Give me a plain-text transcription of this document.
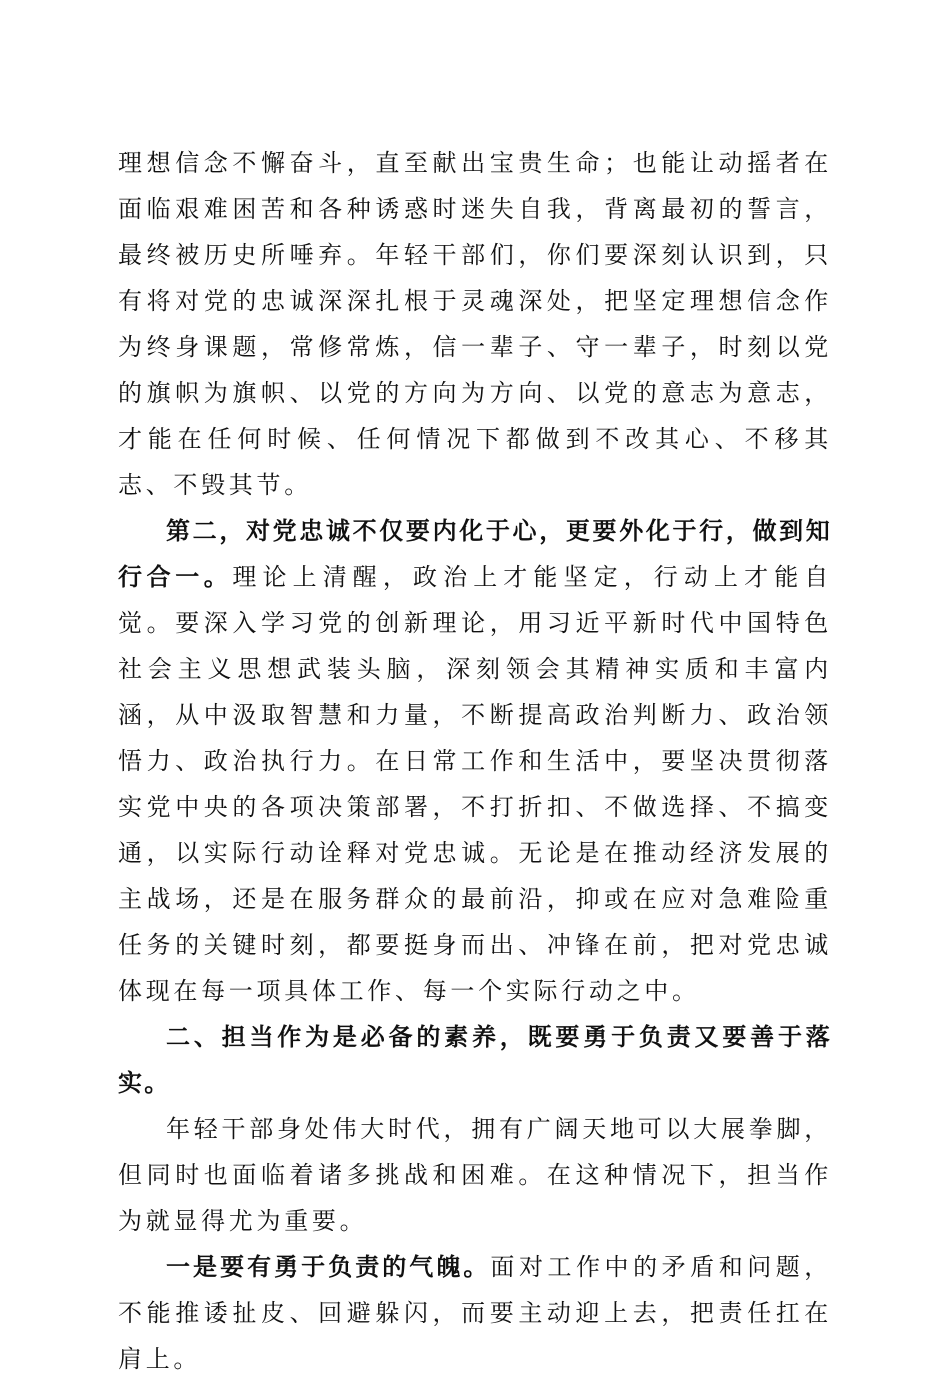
理想信念不懈奋斗，直至献出宝贵生命；也能让动摇者在面临艰难困苦和各种诱惑时迷失自我，背离最初的誓言，最终被历史所唾弃。年轻干部们，你们要深刻认识到，只有将对党的忠诚深深扎根于灵魂深处，把坚定理想信念作为终身课题，常修常炼，信一辈子、守一辈子，时刻以党的旗帜为旗帜、以党的方向为方向、以党的意志为意志，才能在任何时候、任何情况下都做到不改其心、不移其志、不毁其节。

第二，对党忠诚不仅要内化于心，更要外化于行，做到知行合一。理论上清醒，政治上才能坚定，行动上才能自觉。要深入学习党的创新理论，用习近平新时代中国特色社会主义思想武装头脑，深刻领会其精神实质和丰富内涵，从中汲取智慧和力量，不断提高政治判断力、政治领悟力、政治执行力。在日常工作和生活中，要坚决贯彻落实党中央的各项决策部署，不打折扣、不做选择、不搞变通，以实际行动诠释对党忠诚。无论是在推动经济发展的主战场，还是在服务群众的最前沿，抑或在应对急难险重任务的关键时刻，都要挺身而出、冲锋在前，把对党忠诚体现在每一项具体工作、每一个实际行动之中。

二、担当作为是必备的素养，既要勇于负责又要善于落实。

年轻干部身处伟大时代，拥有广阔天地可以大展拳脚，但同时也面临着诸多挑战和困难。在这种情况下，担当作为就显得尤为重要。

一是要有勇于负责的气魄。面对工作中的矛盾和问题，不能推诿扯皮、回避躲闪，而要主动迎上去，把责任扛在肩上。
